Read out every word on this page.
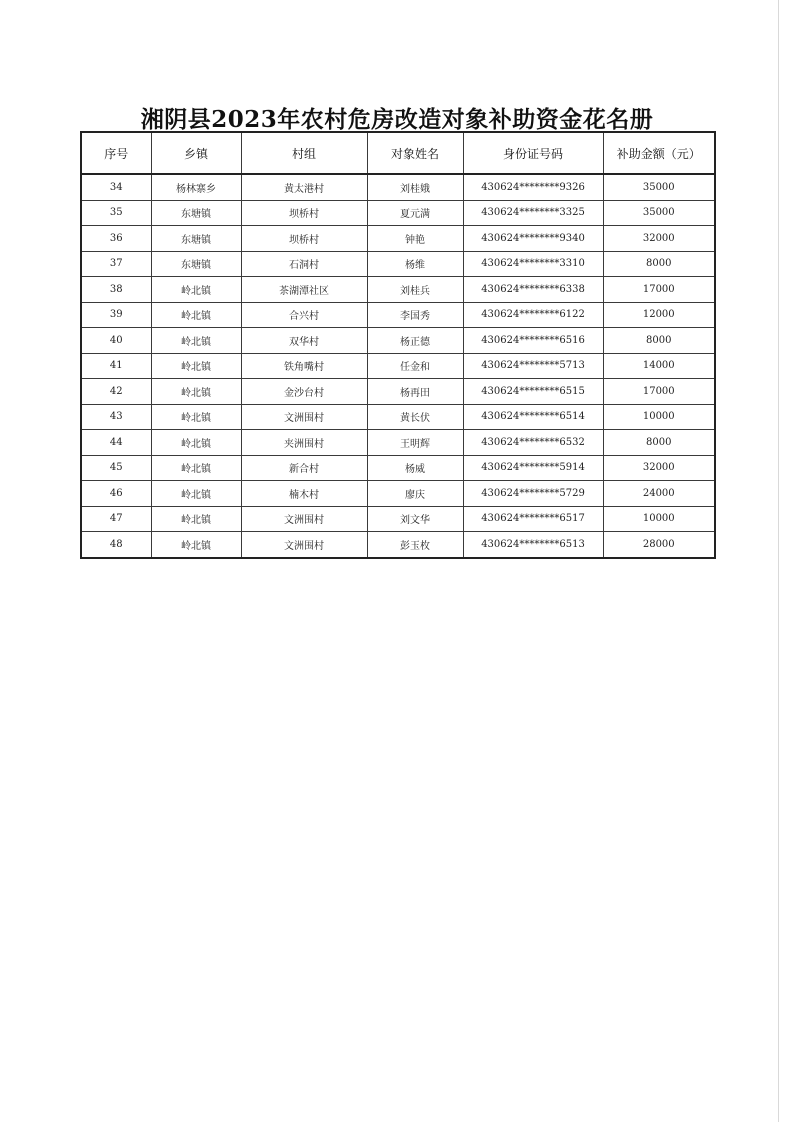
湘阴县2023年农村危房改造对象补助资金花名册
序号	乡镇	村组	对象姓名	身份证号码	补助金额（元）
34	杨林寨乡	黄太港村	刘桂娥	430624********9326	35000
35	东塘镇	坝桥村	夏元满	430624********3325	35000
36	东塘镇	坝桥村	钟艳	430624********9340	32000
37	东塘镇	石洞村	杨维	430624********3310	8000
38	岭北镇	茶湖潭社区	刘桂兵	430624********6338	17000
39	岭北镇	合兴村	李国秀	430624********6122	12000
40	岭北镇	双华村	杨正德	430624********6516	8000
41	岭北镇	铁角嘴村	任金和	430624********5713	14000
42	岭北镇	金沙台村	杨再田	430624********6515	17000
43	岭北镇	文洲围村	黄长伏	430624********6514	10000
44	岭北镇	夹洲围村	王明辉	430624********6532	8000
45	岭北镇	新合村	杨威	430624********5914	32000
46	岭北镇	楠木村	廖庆	430624********5729	24000
47	岭北镇	文洲围村	刘文华	430624********6517	10000
48	岭北镇	文洲围村	彭玉枚	430624********6513	28000
